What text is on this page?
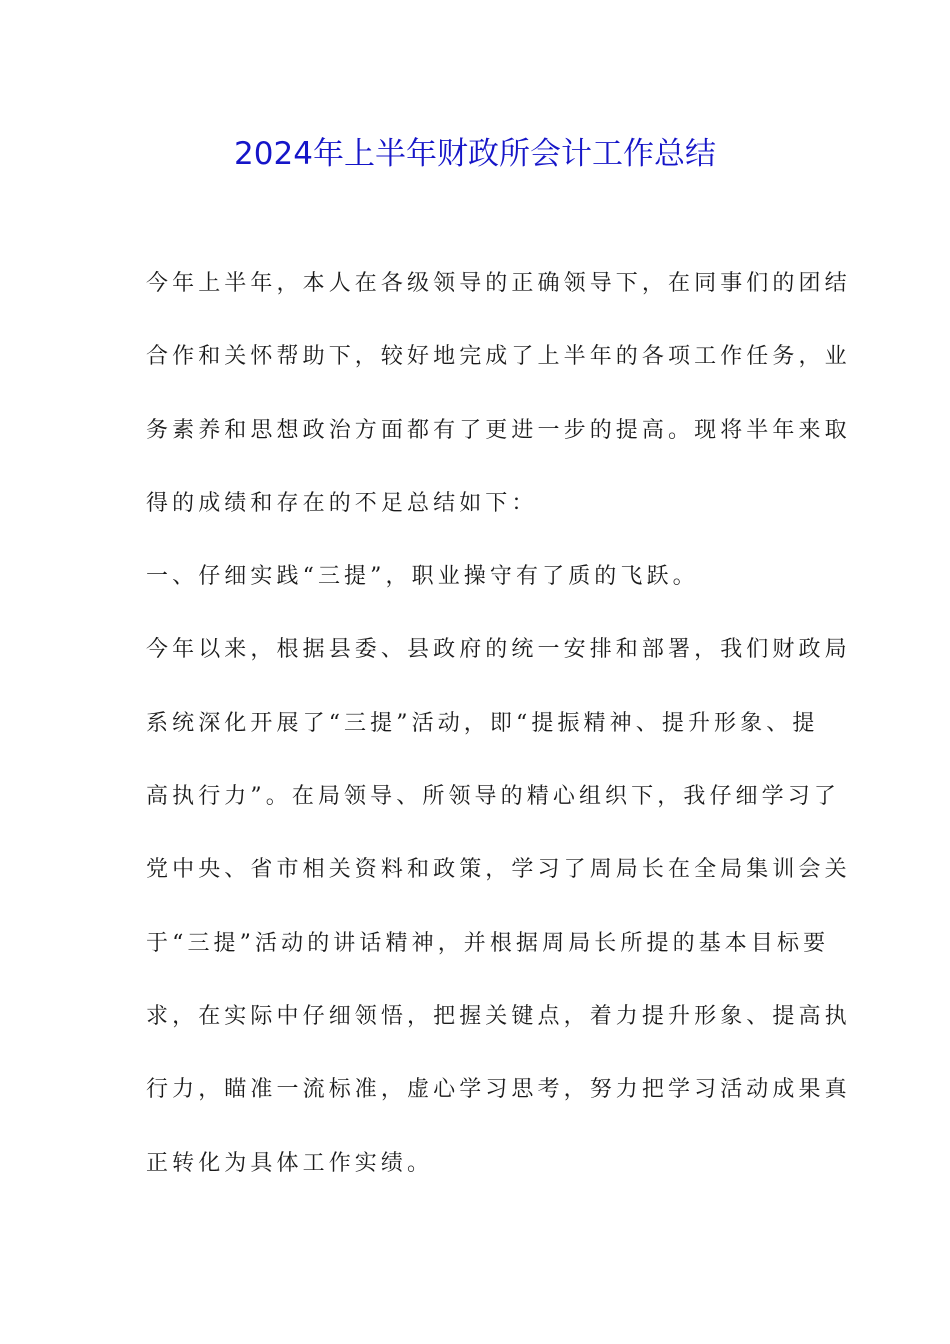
2024年上半年财政所会计工作总结
今年上半年，本人在各级领导的正确领导下，在同事们的团结
合作和关怀帮助下，较好地完成了上半年的各项工作任务，业
务素养和思想政治方面都有了更进一步的提高。现将半年来取
得的成绩和存在的不足总结如下：
一、仔细实践“三提”，职业操守有了质的飞跃。
今年以来，根据县委、县政府的统一安排和部署，我们财政局
系统深化开展了“三提”活动，即“提振精神、提升形象、提
高执行力”。在局领导、所领导的精心组织下，我仔细学习了
党中央、省市相关资料和政策，学习了周局长在全局集训会关
于“三提”活动的讲话精神，并根据周局长所提的基本目标要
求，在实际中仔细领悟，把握关键点，着力提升形象、提高执
行力，瞄准一流标准，虚心学习思考，努力把学习活动成果真
正转化为具体工作实绩。
